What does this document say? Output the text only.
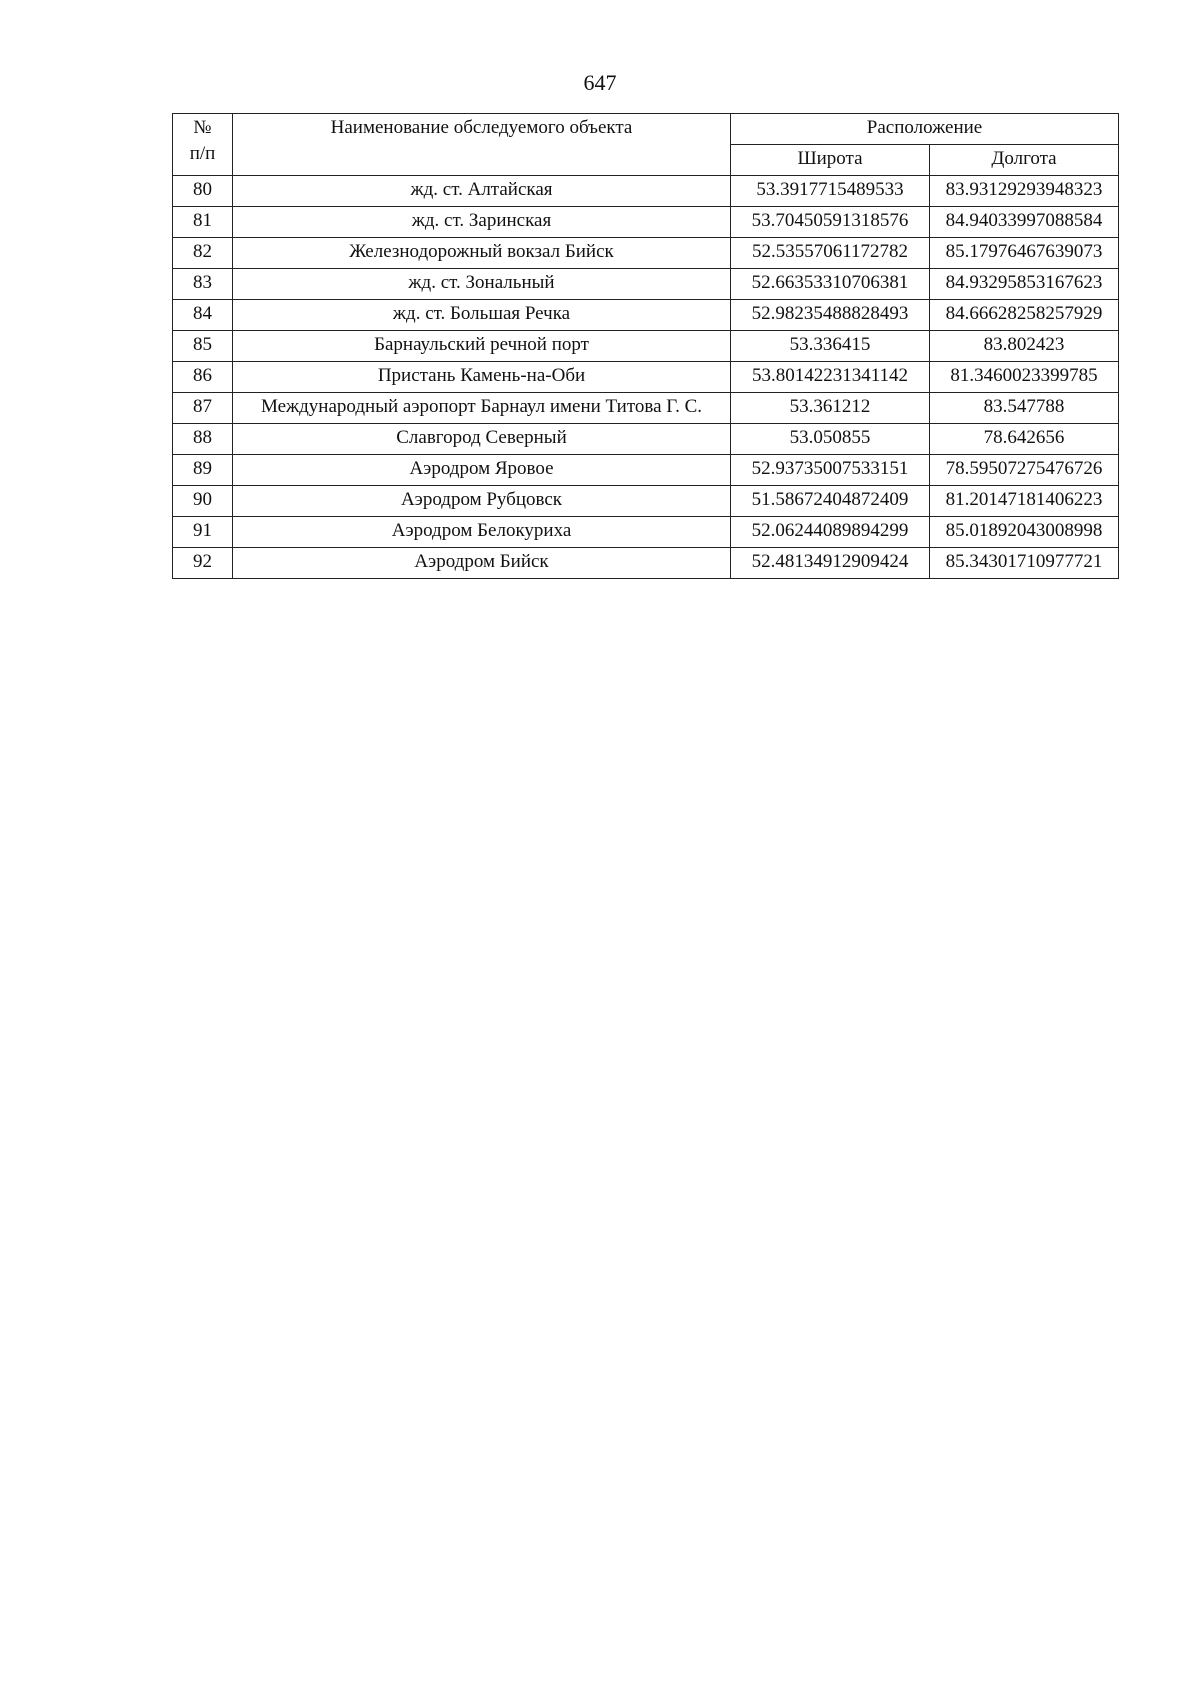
647
№
п/п	Наименование обследуемого объекта	Расположение	
		Широта	Долгота
80	жд. ст. Алтайская	53.3917715489533	83.93129293948323
81	жд. ст. Заринская	53.70450591318576	84.94033997088584
82	Железнодорожный вокзал Бийск	52.53557061172782	85.17976467639073
83	жд. ст. Зональный	52.66353310706381	84.93295853167623
84	жд. ст. Большая Речка	52.98235488828493	84.66628258257929
85	Барнаульский речной порт	53.336415	83.802423
86	Пристань Камень-на-Оби	53.80142231341142	81.3460023399785
87	Международный аэропорт Барнаул имени Титова Г. С.	53.361212	83.547788
88	Славгород Северный	53.050855	78.642656
89	Аэродром Яровое	52.93735007533151	78.59507275476726
90	Аэродром Рубцовск	51.58672404872409	81.20147181406223
91	Аэродром Белокуриха	52.06244089894299	85.01892043008998
92	Аэродром Бийск	52.48134912909424	85.34301710977721
